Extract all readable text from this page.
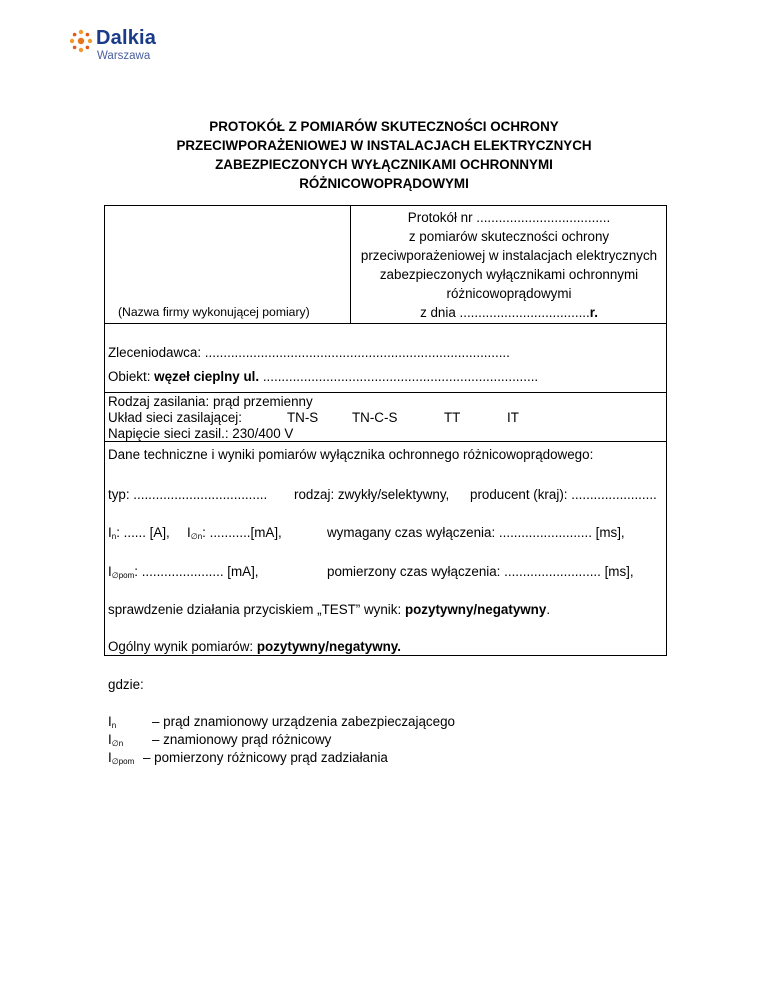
Dalkia
Warszawa
PROTOKÓŁ Z POMIARÓW SKUTECZNOŚCI OCHRONY
PRZECIWPORAŻENIOWEJ W INSTALACJACH ELEKTRYCZNYCH
ZABEZPIECZONYCH WYŁĄCZNIKAMI OCHRONNYMI
RÓŻNICOWOPRĄDOWYMI
(Nazwa firmy wykonującej pomiary)
Protokół nr ....................................
z pomiarów skuteczności ochrony
przeciwporażeniowej w instalacjach elektrycznych
zabezpieczonych wyłącznikami ochronnymi
różnicowoprądowymi
z dnia ...................................r.
Zleceniodawca: ..................................................................................
Obiekt: węzeł cieplny ul. ..........................................................................
Rodzaj zasilania: prąd przemienny
Układ sieci zasilającej:	TN-S	TN-C-S	TT	IT
Napięcie sieci zasil.: 230/400 V
Dane techniczne i wyniki pomiarów wyłącznika ochronnego różnicowoprądowego:
typ: .................................... rodzaj: zwykły/selektywny, producent (kraj): .......................
$I_n$: ...... [A], $I_{\emptyset n}$: ...........[mA],	wymagany czas wyłączenia: ......................... [ms],
$I_{\emptyset pom}$: ...................... [mA],	pomierzony czas wyłączenia: .......................... [ms],
sprawdzenie działania przyciskiem „TEST” wynik: pozytywny/negatywny.
Ogólny wynik pomiarów: pozytywny/negatywny.
gdzie:
$I_n$	– prąd znamionowy urządzenia zabezpieczającego
$I_{\emptyset n}$ – znamionowy prąd różnicowy
$I_{\emptyset pom}$ – pomierzony różnicowy prąd zadziałania
